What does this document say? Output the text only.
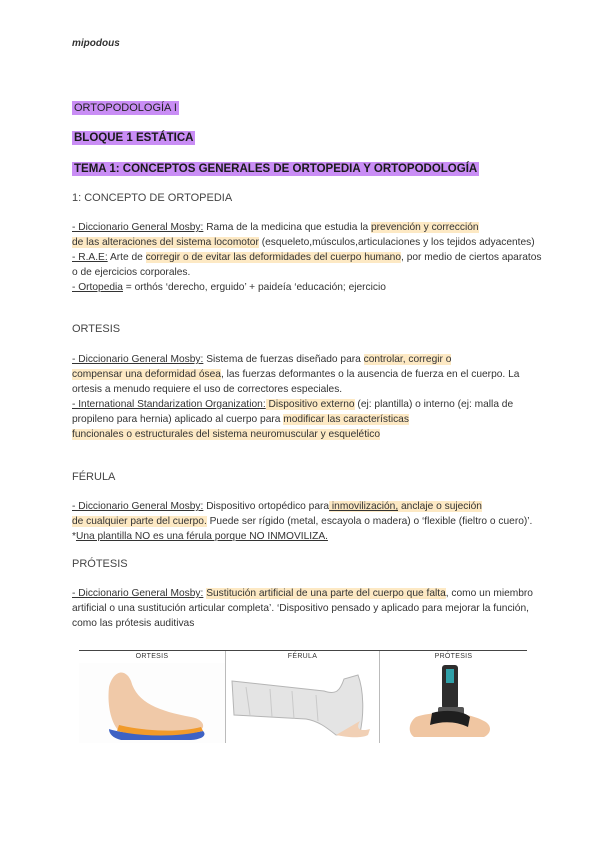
mipodous
ORTOPODOLOGÍA I
BLOQUE 1 ESTÁTICA
TEMA 1: CONCEPTOS GENERALES DE ORTOPEDIA Y ORTOPODOLOGÍA
1: CONCEPTO DE ORTOPEDIA
- Diccionario General Mosby: Rama de la medicina que estudia la prevención y corrección
de las alteraciones del sistema locomotor (esqueleto,músculos,articulaciones y los tejidos adyacentes)
- R.A.E: Arte de corregir o de evitar las deformidades del cuerpo humano, por medio de ciertos aparatos o de ejercicios corporales.
- Ortopedia = orthós ‘derecho, erguido’ + paideía ‘educación; ejercicio
ORTESIS
- Diccionario General Mosby: Sistema de fuerzas diseñado para controlar, corregir o
compensar una deformidad ósea, las fuerzas deformantes o la ausencia de fuerza en el cuerpo. La ortesis a menudo requiere el uso de correctores especiales.
- International Standarization Organization: Dispositivo externo (ej: plantilla) o interno (ej: malla de propileno para hernia) aplicado al cuerpo para modificar las características
funcionales o estructurales del sistema neuromuscular y esquelético
FÉRULA
- Diccionario General Mosby: Dispositivo ortopédico para inmovilización, anclaje o sujeción
de cualquier parte del cuerpo. Puede ser rígido (metal, escayola o madera) o ‘flexible (fieltro o cuero)’. *Una plantilla NO es una férula porque NO INMOVILIZA.
PRÓTESIS
- Diccionario General Mosby: Sustitución artificial de una parte del cuerpo que falta, como un miembro artificial o una sustitución articular completa’. ‘Dispositivo pensado y aplicado para mejorar la función, como las prótesis auditivas
ORTESIS	FÉRULA	PRÓTESIS
